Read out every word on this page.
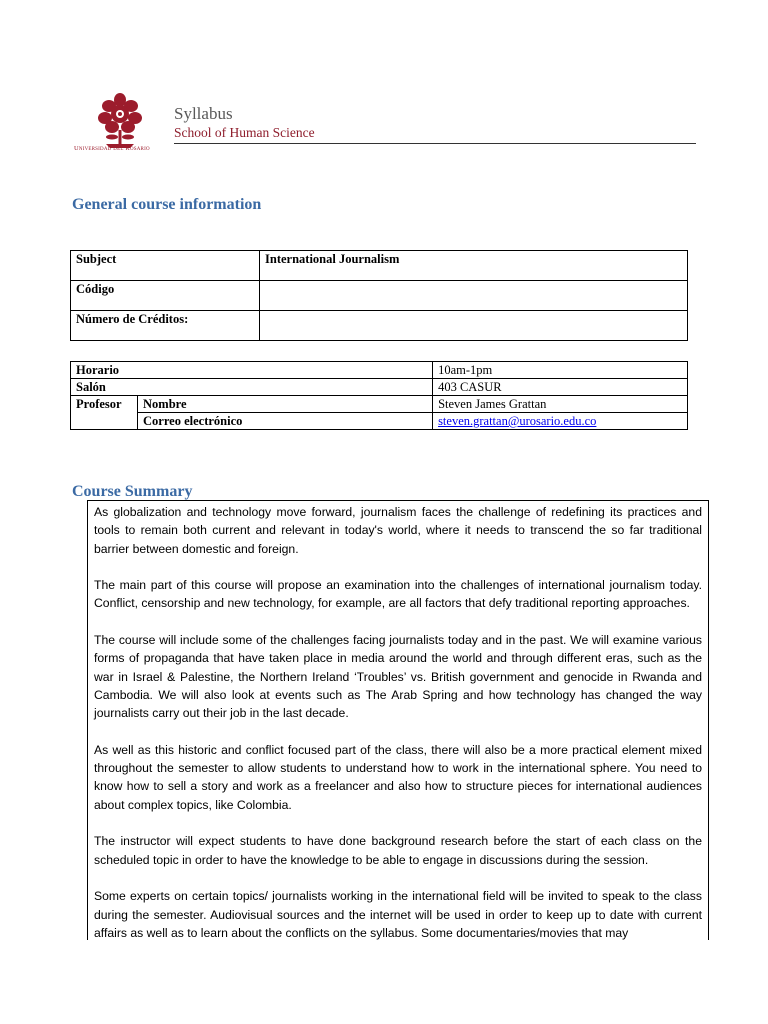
Universidad del Rosario
Syllabus
School of Human Science
General course information
Subject	International Journalism
Código	
Número de Créditos:	
Horario		10am-1pm
Salón		403 CASUR
Profesor	Nombre	Steven James Grattan
	Correo electrónico	steven.grattan@urosario.edu.co
Course Summary

As globalization and technology move forward, journalism faces the challenge of redefining its practices and tools to remain both current and relevant in today's world, where it needs to transcend the so far traditional barrier between domestic and foreign.

The main part of this course will propose an examination into the challenges of international journalism today. Conflict, censorship and new technology, for example, are all factors that defy traditional reporting approaches.

The course will include some of the challenges facing journalists today and in the past. We will examine various forms of propaganda that have taken place in media around the world and through different eras, such as the war in Israel & Palestine, the Northern Ireland ‘Troubles’ vs. British government and genocide in Rwanda and Cambodia. We will also look at events such as The Arab Spring and how technology has changed the way journalists carry out their job in the last decade.

As well as this historic and conflict focused part of the class, there will also be a more practical element mixed throughout the semester to allow students to understand how to work in the international sphere. You need to know how to sell a story and work as a freelancer and also how to structure pieces for international audiences about complex topics, like Colombia.

The instructor will expect students to have done background research before the start of each class on the scheduled topic in order to have the knowledge to be able to engage in discussions during the session.

Some experts on certain topics/ journalists working in the international field will be invited to speak to the class during the semester. Audiovisual sources and the internet will be used in order to keep up to date with current affairs as well as to learn about the conflicts on the syllabus. Some documentaries/movies that may
